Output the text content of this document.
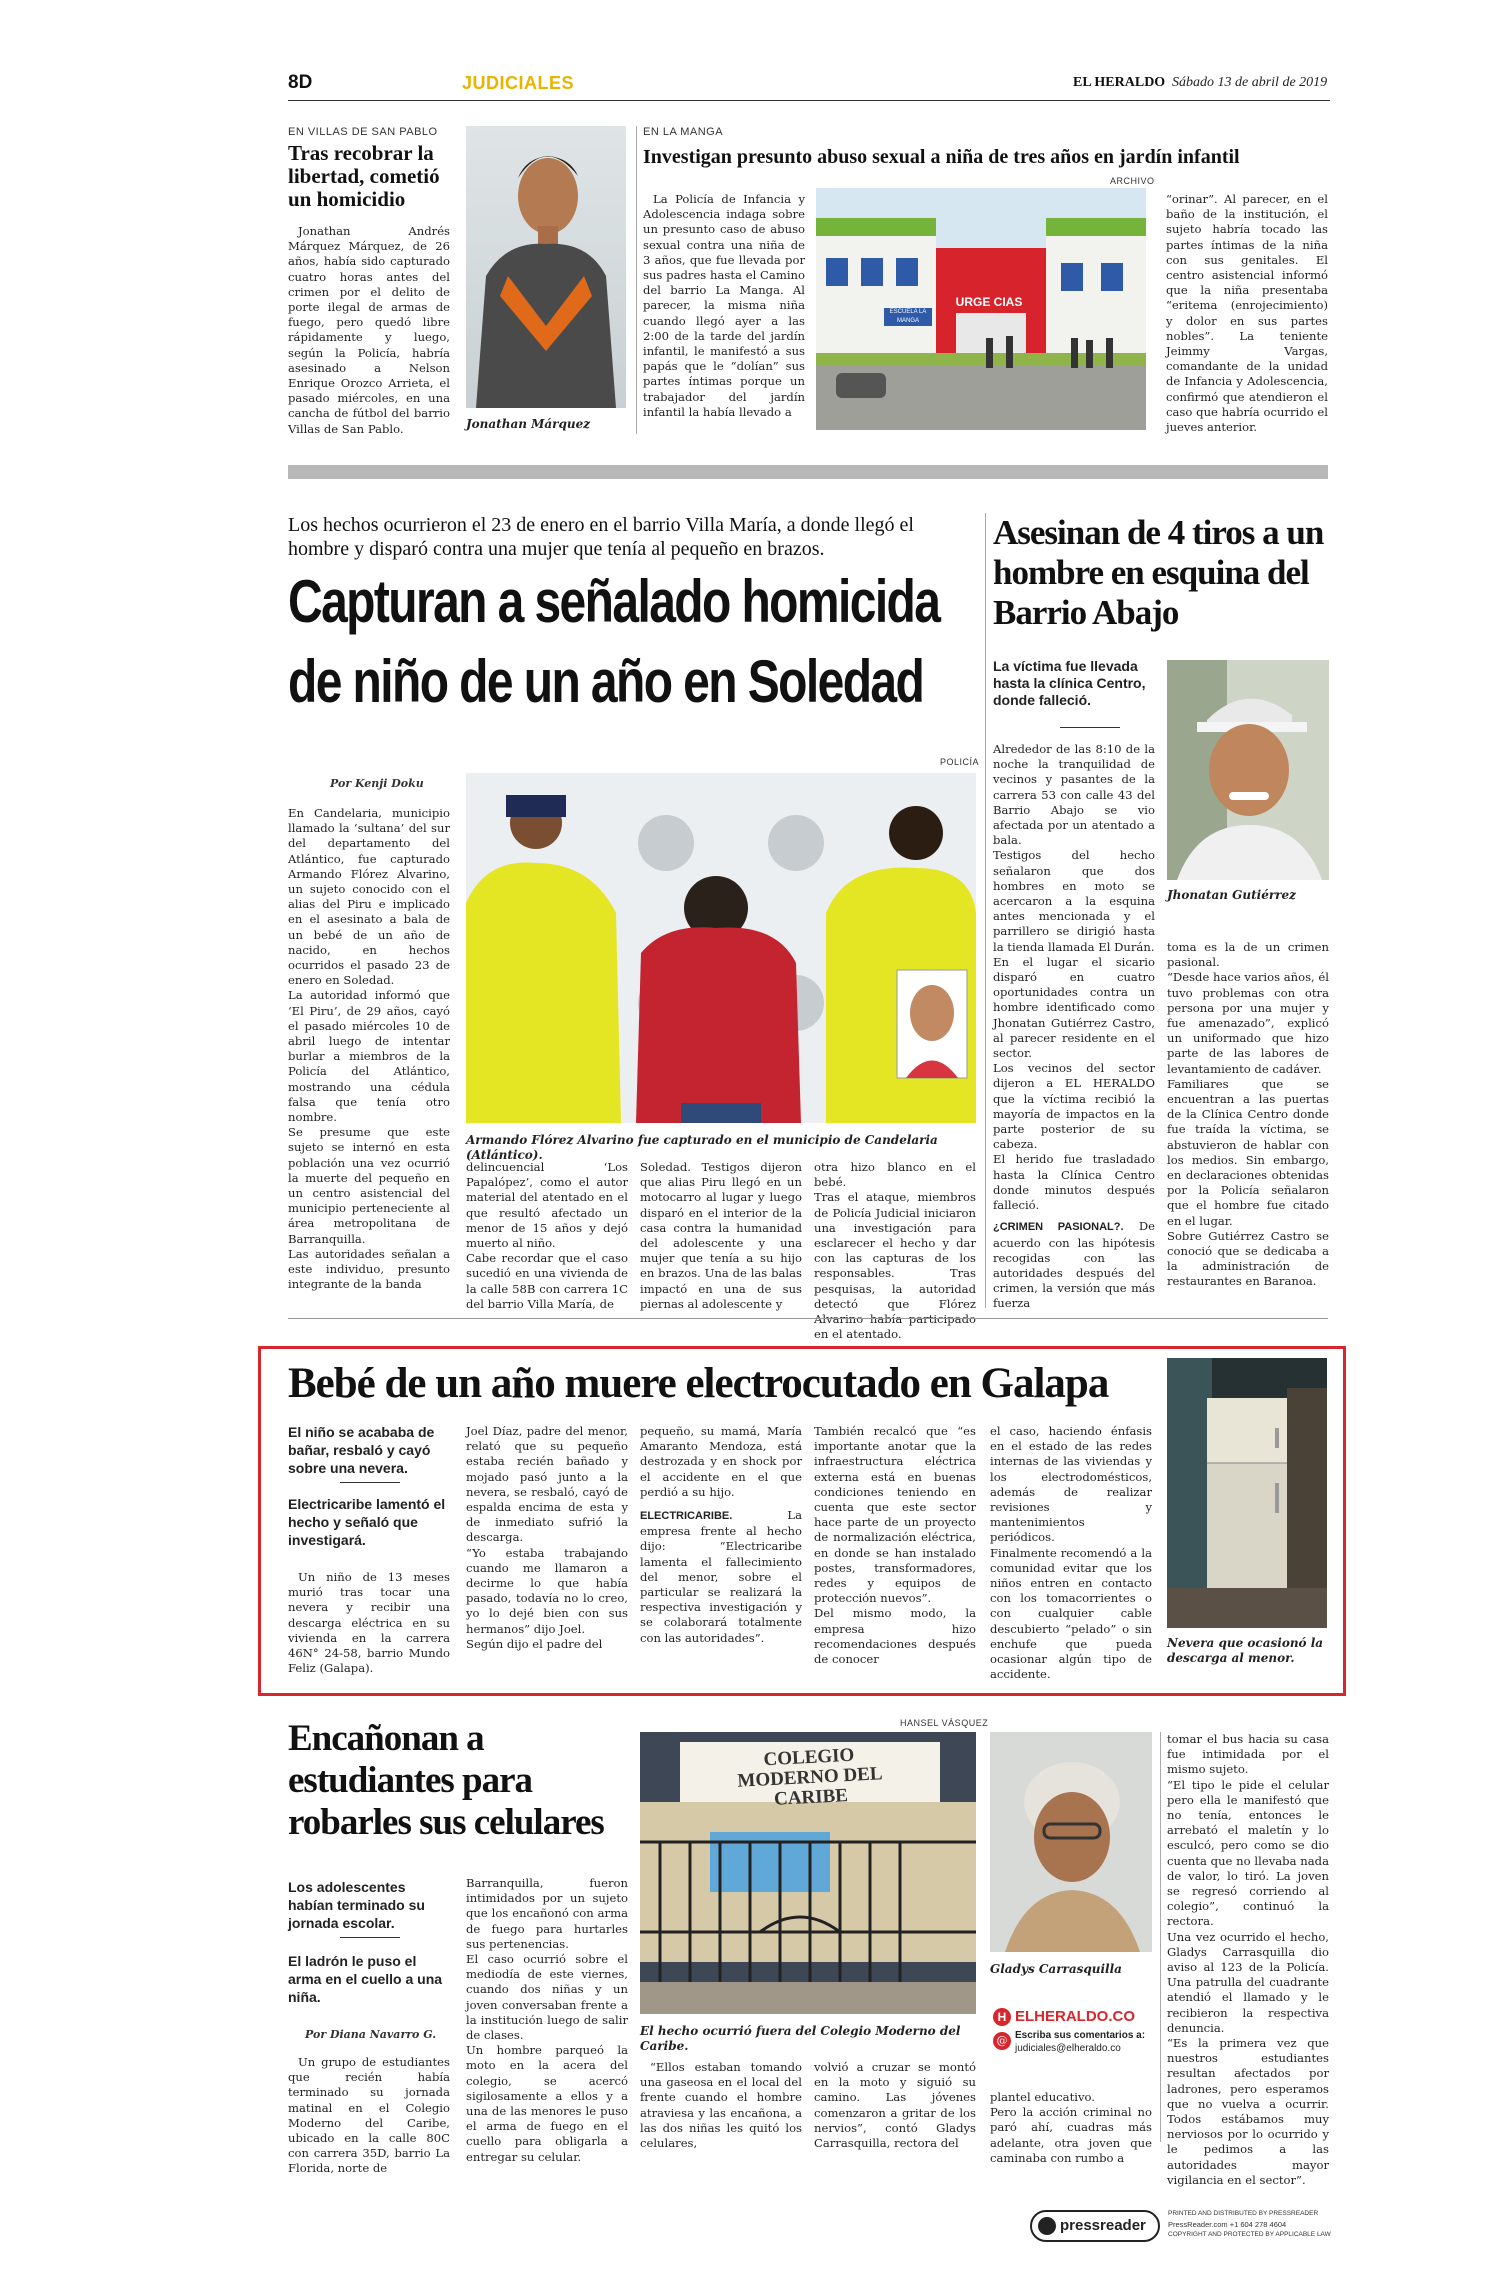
8D	JUDICIALES	EL HERALDO Sábado 13 de abril de 2019
EN VILLAS DE SAN PABLO
Tras recobrar la libertad, cometió un homicidio
Jonathan Andrés Márquez Márquez, de 26 años, había sido capturado cuatro horas antes del crimen por el delito de porte ilegal de armas de fuego, pero quedó libre rápidamente y luego, según la Policía, habría asesinado a Nelson Enrique Orozco Arrieta, el pasado miércoles, en una cancha de fútbol del barrio Villas de San Pablo.	Jonathan Márquez
EN LA MANGA
Investigan presunto abuso sexual a niña de tres años en jardín infantil
ARCHIVO
La Policía de Infancia y Adolescencia indaga sobre un presunto caso de abuso sexual contra una niña de 3 años, que fue llevada por sus padres hasta el Camino del barrio La Manga. Al parecer, la misma niña cuando llegó ayer a las 2:00 de la tarde del jardín infantil, le manifestó a sus papás que le “dolían” sus partes íntimas porque un trabajador del jardín infantil la había llevado a
ESCUELA LA MANGA
URGE CIAS
“orinar”. Al parecer, en el baño de la institución, el sujeto habría tocado las partes íntimas de la niña con sus genitales. El centro asistencial informó que la niña presentaba “eritema (enrojecimiento) y dolor en sus partes nobles”. La teniente Jeimmy Vargas, comandante de la unidad de Infancia y Adolescencia, confirmó que atendieron el caso que habría ocurrido el jueves anterior.
Los hechos ocurrieron el 23 de enero en el barrio Villa María, a donde llegó el hombre y disparó contra una mujer que tenía al pequeño en brazos.
Capturan a señalado homicida
de niño de un año en Soledad
Por Kenji Doku
POLICÍA
En Candelaria, municipio llamado la ‘sultana’ del sur del departamento del Atlántico, fue capturado Armando Flórez Alvarino, un sujeto conocido con el alias del Piru e implicado en el asesinato a bala de un bebé de un año de nacido, en hechos ocurridos el pasado 23 de enero en Soledad.
La autoridad informó que ‘El Piru’, de 29 años, cayó el pasado miércoles 10 de abril luego de intentar burlar a miembros de la Policía del Atlántico, mostrando una cédula falsa que tenía otro nombre.
Se presume que este sujeto se internó en esta población una vez ocurrió la muerte del pequeño en un centro asistencial del municipio perteneciente al área metropolitana de Barranquilla.
Las autoridades señalan a este individuo, presunto integrante de la banda
Armando Flórez Alvarino fue capturado en el municipio de Candelaria (Atlántico).
delincuencial ‘Los Papalópez’, como el autor material del atentado en el que resultó afectado un menor de 15 años y dejó muerto al niño.
Cabe recordar que el caso sucedió en una vivienda de la calle 58B con carrera 1C del barrio Villa María, de
Soledad. Testigos dijeron que alias Piru llegó en un motocarro al lugar y luego disparó en el interior de la casa contra la humanidad del adolescente y una mujer que tenía a su hijo en brazos. Una de las balas impactó en una de sus piernas al adolescente y
otra hizo blanco en el bebé.
Tras el ataque, miembros de Policía Judicial iniciaron una investigación para esclarecer el hecho y dar con las capturas de los responsables. Tras pesquisas, la autoridad detectó que Flórez Alvarino había participado en el atentado.
Asesinan de 4 tiros a un hombre en esquina del Barrio Abajo
La víctima fue llevada hasta la clínica Centro, donde falleció.
Alrededor de las 8:10 de la noche la tranquilidad de vecinos y pasantes de la carrera 53 con calle 43 del Barrio Abajo se vio afectada por un atentado a bala.
Testigos del hecho señalaron que dos hombres en moto se acercaron a la esquina antes mencionada y el parrillero se dirigió hasta la tienda llamada El Durán.
En el lugar el sicario disparó en cuatro oportunidades contra un hombre identificado como Jhonatan Gutiérrez Castro, al parecer residente en el sector.
Los vecinos del sector dijeron a EL HERALDO que la víctima recibió la mayoría de impactos en la parte posterior de su cabeza.
El herido fue trasladado hasta la Clínica Centro donde minutos después falleció.
¿CRIMEN PASIONAL?. De acuerdo con las hipótesis recogidas con las autoridades después del crimen, la versión que más fuerza
Jhonatan Gutiérrez
toma es la de un crimen pasional.
“Desde hace varios años, él tuvo problemas con otra persona por una mujer y fue amenazado”, explicó un uniformado que hizo parte de las labores de levantamiento de cadáver.
Familiares que se encuentran a las puertas de la Clínica Centro donde fue traída la víctima, se abstuvieron de hablar con los medios. Sin embargo, en declaraciones obtenidas por la Policía señalaron que el hombre fue citado en el lugar.
Sobre Gutiérrez Castro se conoció que se dedicaba a la administración de restaurantes en Baranoa.
Bebé de un año muere electrocutado en Galapa
El niño se acababa de bañar, resbaló y cayó sobre una nevera.
Electricaribe lamentó el hecho y señaló que investigará.
Un niño de 13 meses murió tras tocar una nevera y recibir una descarga eléctrica en su vivienda en la carrera 46N° 24-58, barrio Mundo Feliz (Galapa).
Joel Díaz, padre del menor, relató que su pequeño estaba recién bañado y mojado pasó junto a la nevera, se resbaló, cayó de espalda encima de esta y de inmediato sufrió la descarga.
“Yo estaba trabajando cuando me llamaron a decirme lo que había pasado, todavía no lo creo, yo lo dejé bien con sus hermanos” dijo Joel.
Según dijo el padre del
pequeño, su mamá, María Amaranto Mendoza, está destrozada y en shock por el accidente en el que perdió a su hijo.
ELECTRICARIBE.	La empresa frente al hecho dijo: “Electricaribe lamenta el fallecimiento del menor, sobre el particular se realizará la respectiva investigación y se colaborará totalmente con las autoridades”.
También recalcó que “es importante anotar que la infraestructura eléctrica externa está en buenas condiciones teniendo en cuenta que este sector hace parte de un proyecto de normalización eléctrica, en donde se han instalado postes, transformadores, redes y equipos de protección nuevos”.
Del mismo modo, la empresa hizo recomendaciones después de conocer
el caso, haciendo énfasis en el estado de las redes internas de las viviendas y los electrodomésticos, además de realizar revisiones y mantenimientos periódicos.
Finalmente recomendó a la comunidad evitar que los niños entren en contacto con los tomacorrientes o con cualquier cable descubierto “pelado” o sin enchufe que pueda ocasionar algún tipo de accidente.
Nevera que ocasionó la descarga al menor.
Encañonan a estudiantes para robarles sus celulares
Los adolescentes habían terminado su jornada escolar.
El ladrón le puso el arma en el cuello a una niña.
Por Diana Navarro G.
Un grupo de estudiantes que recién había terminado su jornada matinal en el Colegio Moderno del Caribe, ubicado en la calle 80C con carrera 35D, barrio La Florida, norte de
Barranquilla, fueron intimidados por un sujeto que los encañonó con arma de fuego para hurtarles sus pertenencias.
El caso ocurrió sobre el mediodía de este viernes, cuando dos niñas y un joven conversaban frente a la institución luego de salir de clases.
Un hombre parqueó la moto en la acera del colegio, se acercó sigilosamente a ellos y a una de las menores le puso el arma de fuego en el cuello para obligarla a entregar su celular.
HANSEL VÁSQUEZ
COLEGIO MODERNO DEL CARIBE
El hecho ocurrió fuera del Colegio Moderno del Caribe.
“Ellos estaban tomando una gaseosa en el local del frente cuando el hombre atraviesa y las encañona, a las dos niñas les quitó los celulares,
volvió a cruzar se montó en la moto y siguió su camino. Las jóvenes comenzaron a gritar de los nervios”, contó Gladys Carrasquilla, rectora del
Gladys Carrasquilla
H ELHERALDO.CO
@ Escriba sus comentarios a:
judiciales@elheraldo.co
plantel educativo.
Pero la acción criminal no paró ahí, cuadras más adelante, otra joven que caminaba con rumbo a
tomar el bus hacia su casa fue intimidada por el mismo sujeto.
“El tipo le pide el celular pero ella le manifestó que no tenía, entonces le arrebató el maletín y lo esculcó, pero como se dio cuenta que no llevaba nada de valor, lo tiró. La joven se regresó corriendo al colegio”, continuó la rectora.
Una vez ocurrido el hecho, Gladys Carrasquilla dio aviso al 123 de la Policía. Una patrulla del cuadrante atendió el llamado y le recibieron la respectiva denuncia.
“Es la primera vez que nuestros estudiantes resultan afectados por ladrones, pero esperamos que no vuelva a ocurrir. Todos estábamos muy nerviosos por lo ocurrido y le pedimos a las autoridades mayor vigilancia en el sector”.
pressreader
PRINTED AND DISTRIBUTED BY PRESSREADER
PressReader.com +1 604 278 4604
COPYRIGHT AND PROTECTED BY APPLICABLE LAW
